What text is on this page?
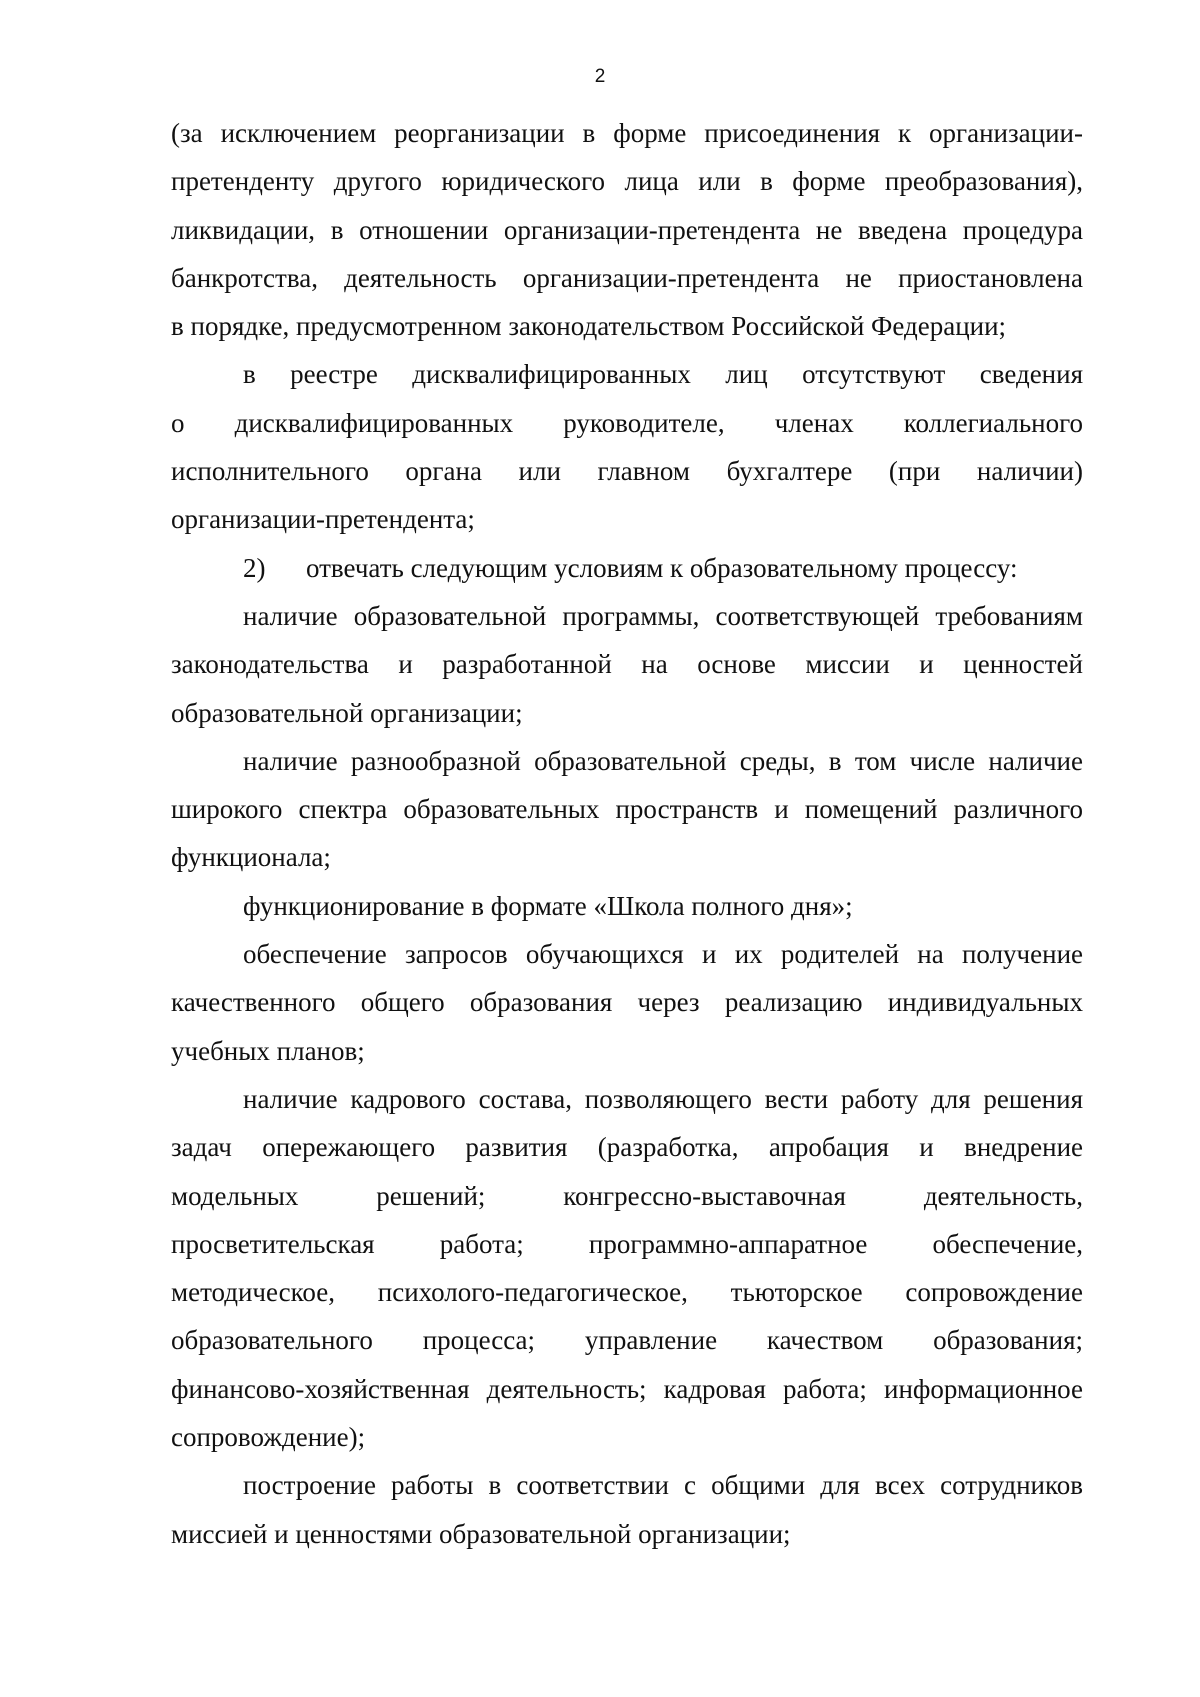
2
(за исключением реорганизации в форме присоединения к организации-
претенденту другого юридического лица или в форме преобразования),
ликвидации, в отношении организации-претендента не введена процедура
банкротства, деятельность организации-претендента не приостановлена
в порядке, предусмотренном законодательством Российской Федерации;
в реестре дисквалифицированных лиц отсутствуют сведения
о дисквалифицированных руководителе, членах коллегиального
исполнительного органа или главном бухгалтере (при наличии)
организации-претендента;
2)      отвечать следующим условиям к образовательному процессу:
наличие образовательной программы, соответствующей требованиям
законодательства и разработанной на основе миссии и ценностей
образовательной организации;
наличие разнообразной образовательной среды, в том числе наличие
широкого спектра образовательных пространств и помещений различного
функционала;
функционирование в формате «Школа полного дня»;
обеспечение запросов обучающихся и их родителей на получение
качественного общего образования через реализацию индивидуальных
учебных планов;
наличие кадрового состава, позволяющего вести работу для решения
задач опережающего развития (разработка, апробация и внедрение
модельных решений; конгрессно-выставочная деятельность,
просветительская работа; программно-аппаратное обеспечение,
методическое, психолого-педагогическое, тьюторское сопровождение
образовательного процесса; управление качеством образования;
финансово-хозяйственная деятельность; кадровая работа; информационное
сопровождение);
построение работы в соответствии с общими для всех сотрудников
миссией и ценностями образовательной организации;
